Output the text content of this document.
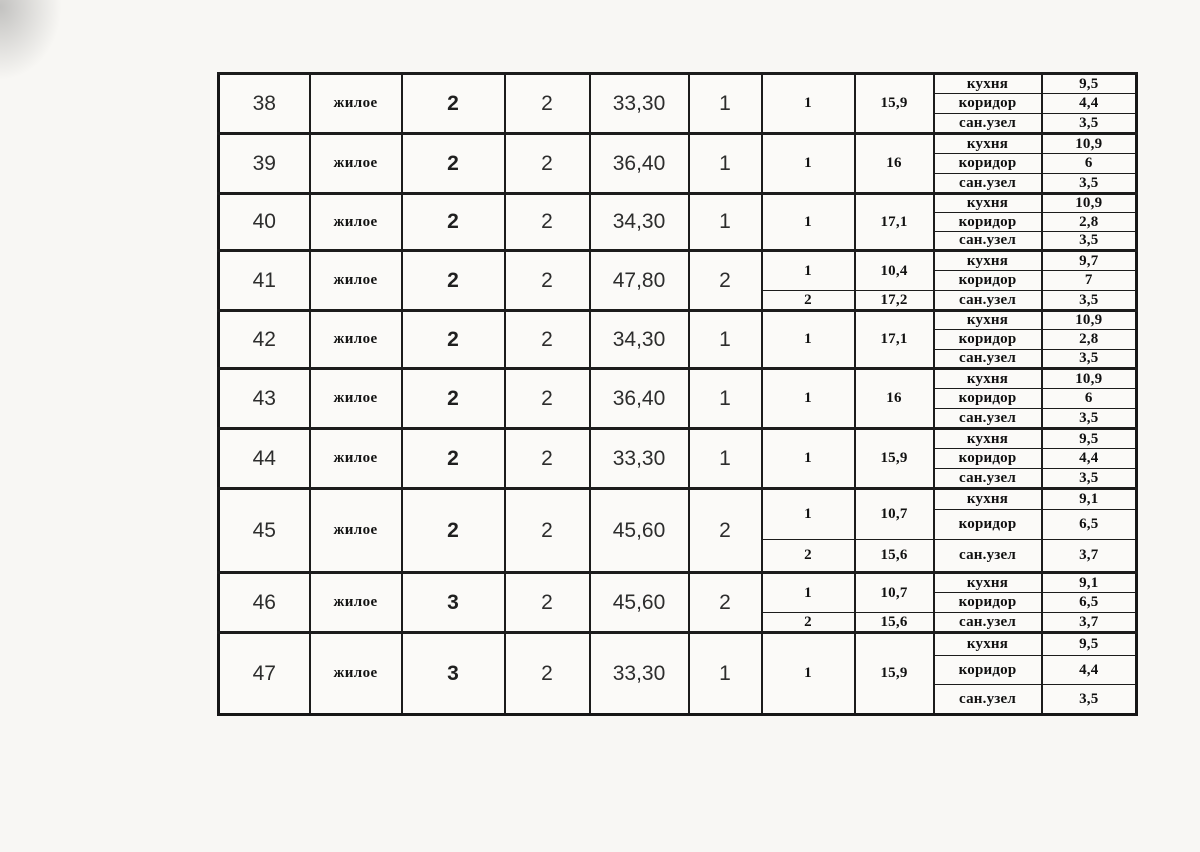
38	жилое	2	2	33,30	1	1	15,9	кухня	9,5
								коридор	4,4
								сан.узел	3,5
39	жилое	2	2	36,40	1	1	16	кухня	10,9
								коридор	6
								сан.узел	3,5
40	жилое	2	2	34,30	1	1	17,1	кухня	10,9
								коридор	2,8
								сан.узел	3,5
41	жилое	2	2	47,80	2	1	10,4	кухня	9,7
								коридор	7
						2	17,2	сан.узел	3,5
42	жилое	2	2	34,30	1	1	17,1	кухня	10,9
								коридор	2,8
								сан.узел	3,5
43	жилое	2	2	36,40	1	1	16	кухня	10,9
								коридор	6
								сан.узел	3,5
44	жилое	2	2	33,30	1	1	15,9	кухня	9,5
								коридор	4,4
								сан.узел	3,5
45	жилое	2	2	45,60	2	1	10,7	кухня	9,1
								коридор	6,5
						2	15,6	сан.узел	3,7
46	жилое	3	2	45,60	2	1	10,7	кухня	9,1
								коридор	6,5
						2	15,6	сан.узел	3,7
47	жилое	3	2	33,30	1	1	15,9	кухня	9,5
								коридор	4,4
								сан.узел	3,5
